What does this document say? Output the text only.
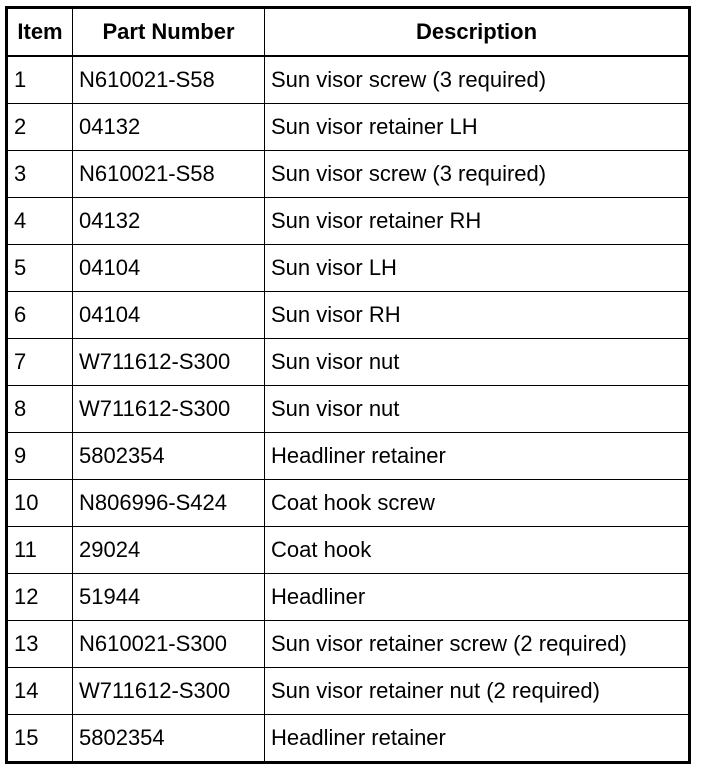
Item	Part Number	Description
1	N610021-S58	Sun visor screw (3 required)
2	04132	Sun visor retainer LH
3	N610021-S58	Sun visor screw (3 required)
4	04132	Sun visor retainer RH
5	04104	Sun visor LH
6	04104	Sun visor RH
7	W711612-S300	Sun visor nut
8	W711612-S300	Sun visor nut
9	5802354	Headliner retainer
10	N806996-S424	Coat hook screw
11	29024	Coat hook
12	51944	Headliner
13	N610021-S300	Sun visor retainer screw (2 required)
14	W711612-S300	Sun visor retainer nut (2 required)
15	5802354	Headliner retainer
